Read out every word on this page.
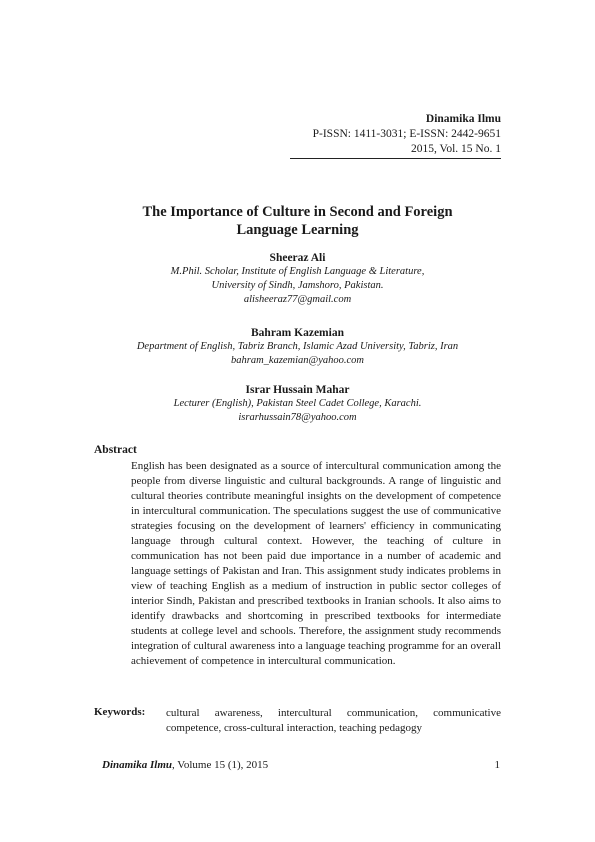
Dinamika Ilmu
P-ISSN: 1411-3031; E-ISSN: 2442-9651
2015, Vol. 15 No. 1
The Importance of Culture in Second and Foreign
Language Learning
Sheeraz Ali
M.Phil. Scholar, Institute of English Language & Literature,
University of Sindh, Jamshoro, Pakistan.
alisheeraz77@gmail.com
Bahram Kazemian
Department of English, Tabriz Branch, Islamic Azad University, Tabriz, Iran
bahram_kazemian@yahoo.com
Israr Hussain Mahar
Lecturer (English), Pakistan Steel Cadet College, Karachi.
israrhussain78@yahoo.com
Abstract
English has been designated as a source of intercultural communication among the people from diverse linguistic and cultural backgrounds. A range of linguistic and cultural theories contribute meaningful insights on the development of competence in intercultural communication. The speculations suggest the use of communicative strategies focusing on the development of learners' efficiency in communicating language through cultural context. However, the teaching of culture in communication has not been paid due importance in a number of academic and language settings of Pakistan and Iran. This assignment study indicates problems in view of teaching English as a medium of instruction in public sector colleges of interior Sindh, Pakistan and prescribed textbooks in Iranian schools. It also aims to identify drawbacks and shortcoming in prescribed textbooks for intermediate students at college level and schools. Therefore, the assignment study recommends integration of cultural awareness into a language teaching programme for an overall achievement of competence in intercultural communication.
Keywords: cultural awareness, intercultural communication, communicative competence, cross-cultural interaction, teaching pedagogy
Dinamika Ilmu, Volume 15 (1), 2015	1
